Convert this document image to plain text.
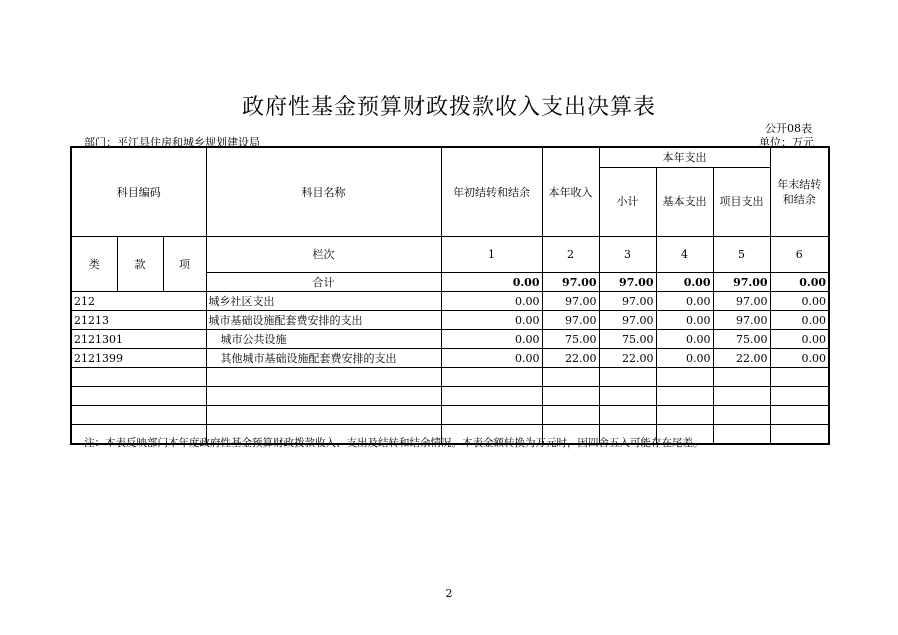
政府性基金预算财政拨款收入支出决算表
公开08表
部门：平江县住房和城乡规划建设局	单位：万元
科目编码			科目名称	年初结转和结余	本年收入	本年支出			年末结转
和结余
						小计	基本支出	项目支出	

类	款	项	栏次	1	2	3	4	5	6
			合计	0.00	97.00	97.00	0.00	97.00	0.00
212			城乡社区支出	0.00	97.00	97.00	0.00	97.00	0.00
21213			城市基础设施配套费安排的支出	0.00	97.00	97.00	0.00	97.00	0.00
2121301			城市公共设施	0.00	75.00	75.00	0.00	75.00	0.00
2121399			其他城市基础设施配套费安排的支出	0.00	22.00	22.00	0.00	22.00	0.00

注：本表反映部门本年度政府性基金预算财政拨款收入、支出及结转和结余情况。本表金额转换为万元时，因四舍五入可能存在尾差。
2
